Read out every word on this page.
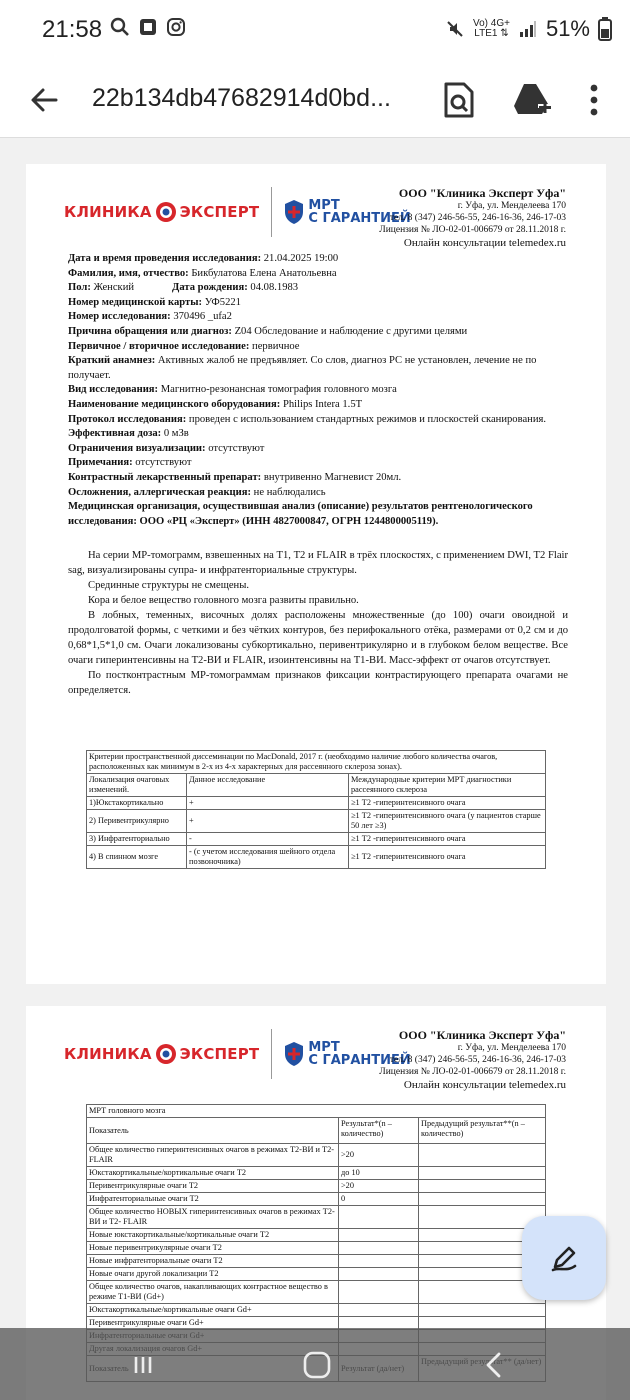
21:58	Vo) 4G+
LTE1 ⇅ 51%
22b134db47682914d0bd...
КЛИНИКА ЭКСПЕРТ	МРТ
С ГАРАНТИЕЙ
ООО "Клиника Эксперт Уфа"
г. Уфа, ул. Менделеева 170
тел. 8 (347) 246-56-55, 246-16-36, 246-17-03
Лицензия № ЛО-02-01-006679 от 28.11.2018 г.
Онлайн консультации telemedex.ru
Дата и время проведения исследования: 21.04.2025 19:00
Фамилия, имя, отчество: Бикбулатова Елена Анатольевна
Пол: Женский	Дата рождения: 04.08.1983
Номер медицинской карты: УФ5221
Номер исследования: 370496 _ufa2
Причина обращения или диагноз: Z04 Обследование и наблюдение с другими целями
Первичное / вторичное исследование: первичное
Краткий анамнез: Активных жалоб не предъявляет. Со слов, диагноз РС не установлен, лечение не по получает.
Вид исследования: Магнитно-резонансная томография головного мозга
Наименование медицинского оборудования: Philips Intera 1.5T
Протокол исследования: проведен с использованием стандартных режимов и плоскостей сканирования.
Эффективная доза: 0 мЗв
Ограничения визуализации: отсутствуют
Примечания: отсутствуют
Контрастный лекарственный препарат: внутривенно Магневист 20мл.
Осложнения, аллергическая реакция: не наблюдались
Медицинская организация, осуществившая анализ (описание) результатов рентгенологического исследования: ООО «РЦ «Эксперт» (ИНН 4827000847, ОГРН 1244800005119).

На серии МР-томограмм, взвешенных на Т1, Т2 и FLAIR в трёх плоскостях, с применением DWI, T2 Flair sag, визуализированы супра- и инфратенториальные структуры.

Срединные структуры не смещены.

Кора и белое вещество головного мозга развиты правильно.

В лобных, теменных, височных долях расположены множественные (до 100) очаги овоидной и продолговатой формы, с четкими и без чётких контуров, без перифокального отёка, размерами от 0,2 см и до 0,68*1,5*1,0 см. Очаги локализованы субкортикально, перивентрикулярно и в глубоком белом веществе. Все очаги гиперинтенсивны на Т2-ВИ и FLAIR, изоинтенсивны на Т1-ВИ. Масс-эффект от очагов отсутствует.

По постконтрастным МР-томограммам признаков фиксации контрастирующего препарата очагами не определяется.

Критерии пространственной диссеминации по MacDonald, 2017 г. (необходимо наличие любого количества очагов, расположенных как минимум в 2-х из 4-х характерных для рассеянного склероза зонах).		
Локализация очаговых изменений.	Данное исследование	Международные критерии МРТ диагностики рассеянного склероза
1)Юкстакортикально	+	≥1 Т2 -гиперинтенсивного очага
2) Перивентрикулярно	+	≥1 Т2 -гиперинтенсивного очага (у пациентов старше 50 лет ≥3)
3) Инфратенториально	-	≥1 Т2 -гиперинтенсивного очага
4) В спинном мозге	- (с учетом исследования шейного отдела позвоночника)	≥1 Т2 -гиперинтенсивного очага
КЛИНИКА ЭКСПЕРТ	МРТ
С ГАРАНТИЕЙ
ООО "Клиника Эксперт Уфа"
г. Уфа, ул. Менделеева 170
тел. 8 (347) 246-56-55, 246-16-36, 246-17-03
Лицензия № ЛО-02-01-006679 от 28.11.2018 г.
Онлайн консультации telemedex.ru
МРТ головного мозга		
Показатель	Результат*(n – количество)	Предыдущий результат**(n – количество)
Общее количество гиперинтенсивных очагов в режимах Т2-ВИ и Т2-FLAIR	>20	
Юкстакортикальные/кортикальные очаги Т2	до 10	
Перивентрикулярные очаги Т2	>20	
Инфратенториальные очаги Т2	0	
Общее количество НОВЫХ гиперинтенсивных очагов в режимах Т2-ВИ и Т2- FLAIR		
Новые юкстакортикальные/кортикальные очаги Т2		
Новые перивентрикулярные очаги Т2		
Новые инфратенториальные очаги Т2		
Новые очаги другой локализации Т2		
Общее количество очагов, накапливающих контрастное вещество в режиме Т1-ВИ (Gd+)		
Юкстакортикальные/кортикальные очаги Gd+		
Перивентрикулярные очаги Gd+		
